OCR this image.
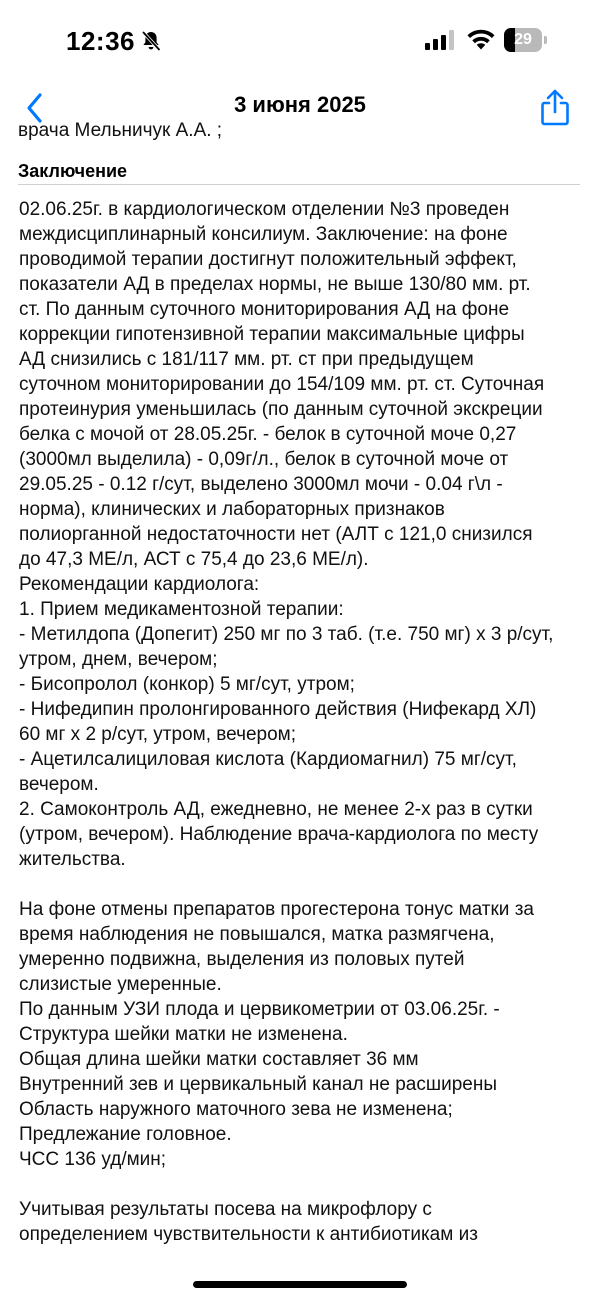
12:36	29
3 июня 2025
врача Мельничук А.А. ;
Заключение
02.06.25г. в кардиологическом отделении №3 проведен
междисциплинарный консилиум. Заключение: на фоне
проводимой терапии достигнут положительный эффект,
показатели АД в пределах нормы, не выше 130/80 мм. рт.
ст. По данным суточного мониторирования АД на фоне
коррекции гипотензивной терапии максимальные цифры
АД снизились с 181/117 мм. рт. ст при предыдущем
суточном мониторировании до 154/109 мм. рт. ст. Суточная
протеинурия уменьшилась (по данным суточной экскреции
белка с мочой от 28.05.25г. - белок в суточной моче 0,27
(3000мл выделила) - 0,09г/л., белок в суточной моче от
29.05.25 - 0.12 г/сут, выделено 3000мл мочи - 0.04 г\л -
норма), клинических и лабораторных признаков
полиорганной недостаточности нет (АЛТ с 121,0 снизился
до 47,3 МЕ/л, АСТ с 75,4 до 23,6 МЕ/л).
Рекомендации кардиолога:
1. Прием медикаментозной терапии:
- Метилдопа (Допегит) 250 мг по 3 таб. (т.е. 750 мг) х 3 р/сут,
утром, днем, вечером;
- Бисопролол (конкор) 5 мг/сут, утром;
- Нифедипин пролонгированного действия (Нифекард ХЛ)
60 мг х 2 р/сут, утром, вечером;
- Ацетилсалициловая кислота (Кардиомагнил) 75 мг/сут,
вечером.
2. Самоконтроль АД, ежедневно, не менее 2-х раз в сутки
(утром, вечером). Наблюдение врача-кардиолога по месту
жительства.
На фоне отмены препаратов прогестерона тонус матки за
время наблюдения не повышался, матка размягчена,
умеренно подвижна, выделения из половых путей
слизистые умеренные.
По данным УЗИ плода и цервикометрии от 03.06.25г. -
Структура шейки матки не изменена.
Общая длина шейки матки составляет 36 мм
Внутренний зев и цервикальный канал не расширены
Область наружного маточного зева не изменена;
Предлежание головное.
ЧСС 136 уд/мин;
Учитывая результаты посева на микрофлору с
определением чувствительности к антибиотикам из
